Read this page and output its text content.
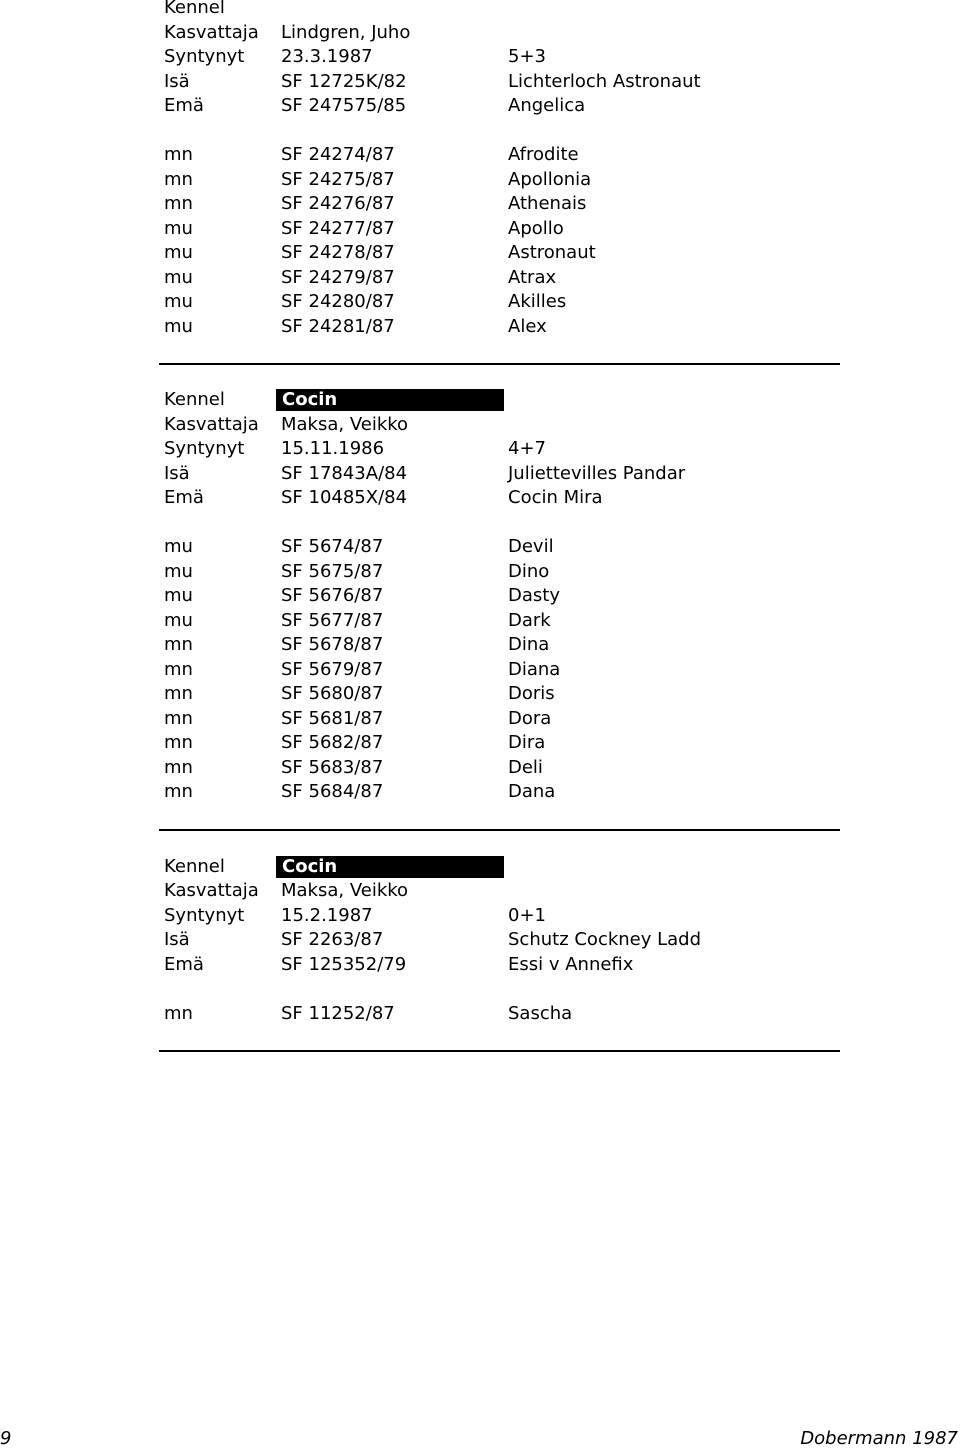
Kennel
Kasvattaja Lindgren, Juho
Syntynyt 23.3.1987	5+3
Isä	SF 12725K/82	Lichterloch Astronaut
Emä	SF 247575/85	Angelica
mn	SF 24274/87	Afrodite
mn	SF 24275/87	Apollonia
mn	SF 24276/87	Athenais
mu	SF 24277/87	Apollo
mu	SF 24278/87	Astronaut
mu	SF 24279/87	Atrax
mu	SF 24280/87	Akilles
mu	SF 24281/87	Alex
Kennel	Cocin
Kasvattaja Maksa, Veikko
Syntynyt 15.11.1986	4+7
Isä	SF 17843A/84	Juliettevilles Pandar
Emä	SF 10485X/84	Cocin Mira
mu	SF 5674/87	Devil
mu	SF 5675/87	Dino
mu	SF 5676/87	Dasty
mu	SF 5677/87	Dark
mn	SF 5678/87	Dina
mn	SF 5679/87	Diana
mn	SF 5680/87	Doris
mn	SF 5681/87	Dora
mn	SF 5682/87	Dira
mn	SF 5683/87	Deli
mn	SF 5684/87	Dana
Kennel	Cocin
Kasvattaja Maksa, Veikko
Syntynyt 15.2.1987	0+1
Isä	SF 2263/87	Schutz Cockney Ladd
Emä	SF 125352/79	Essi v Annefix
mn	SF 11252/87	Sascha
9	Dobermann 1987
